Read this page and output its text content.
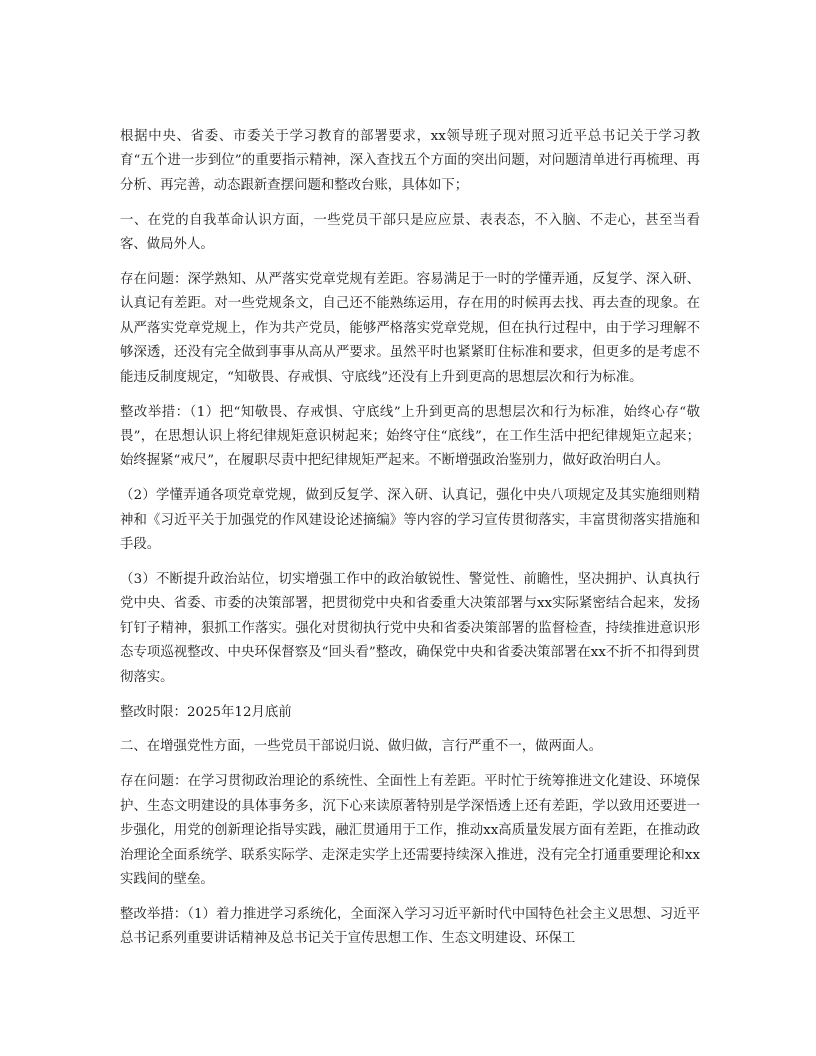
根据中央、省委、市委关于学习教育的部署要求，xx领导班子现对照习近平总书记关于学习教育“五个进一步到位”的重要指示精神，深入查找五个方面的突出问题，对问题清单进行再梳理、再分析、再完善，动态跟新查摆问题和整改台账，具体如下；

一、在党的自我革命认识方面，一些党员干部只是应应景、表表态，不入脑、不走心，甚至当看客、做局外人。

存在问题：深学熟知、从严落实党章党规有差距。容易满足于一时的学懂弄通，反复学、深入研、认真记有差距。对一些党规条文，自己还不能熟练运用，存在用的时候再去找、再去查的现象。在从严落实党章党规上，作为共产党员，能够严格落实党章党规，但在执行过程中，由于学习理解不够深透，还没有完全做到事事从高从严要求。虽然平时也紧紧盯住标准和要求，但更多的是考虑不能违反制度规定，“知敬畏、存戒惧、守底线”还没有上升到更高的思想层次和行为标准。

整改举措：（1）把“知敬畏、存戒惧、守底线”上升到更高的思想层次和行为标准，始终心存“敬畏”，在思想认识上将纪律规矩意识树起来；始终守住“底线”，在工作生活中把纪律规矩立起来；始终握紧“戒尺”，在履职尽责中把纪律规矩严起来。不断增强政治鉴别力，做好政治明白人。

（2）学懂弄通各项党章党规，做到反复学、深入研、认真记，强化中央八项规定及其实施细则精神和《习近平关于加强党的作风建设论述摘编》等内容的学习宣传贯彻落实，丰富贯彻落实措施和手段。

（3）不断提升政治站位，切实增强工作中的政治敏锐性、警觉性、前瞻性，坚决拥护、认真执行党中央、省委、市委的决策部署，把贯彻党中央和省委重大决策部署与xx实际紧密结合起来，发扬钉钉子精神，狠抓工作落实。强化对贯彻执行党中央和省委决策部署的监督检查，持续推进意识形态专项巡视整改、中央环保督察及“回头看”整改，确保党中央和省委决策部署在xx不折不扣得到贯彻落实。

整改时限：2025年12月底前

二、在增强党性方面，一些党员干部说归说、做归做，言行严重不一，做两面人。

存在问题：在学习贯彻政治理论的系统性、全面性上有差距。平时忙于统筹推进文化建设、环境保护、生态文明建设的具体事务多，沉下心来读原著特别是学深悟透上还有差距，学以致用还要进一步强化，用党的创新理论指导实践，融汇贯通用于工作，推动xx高质量发展方面有差距，在推动政治理论全面系统学、联系实际学、走深走实学上还需要持续深入推进，没有完全打通重要理论和xx实践间的壁垒。

整改举措：（1）着力推进学习系统化，全面深入学习习近平新时代中国特色社会主义思想、习近平总书记系列重要讲话精神及总书记关于宣传思想工作、生态文明建设、环保工
